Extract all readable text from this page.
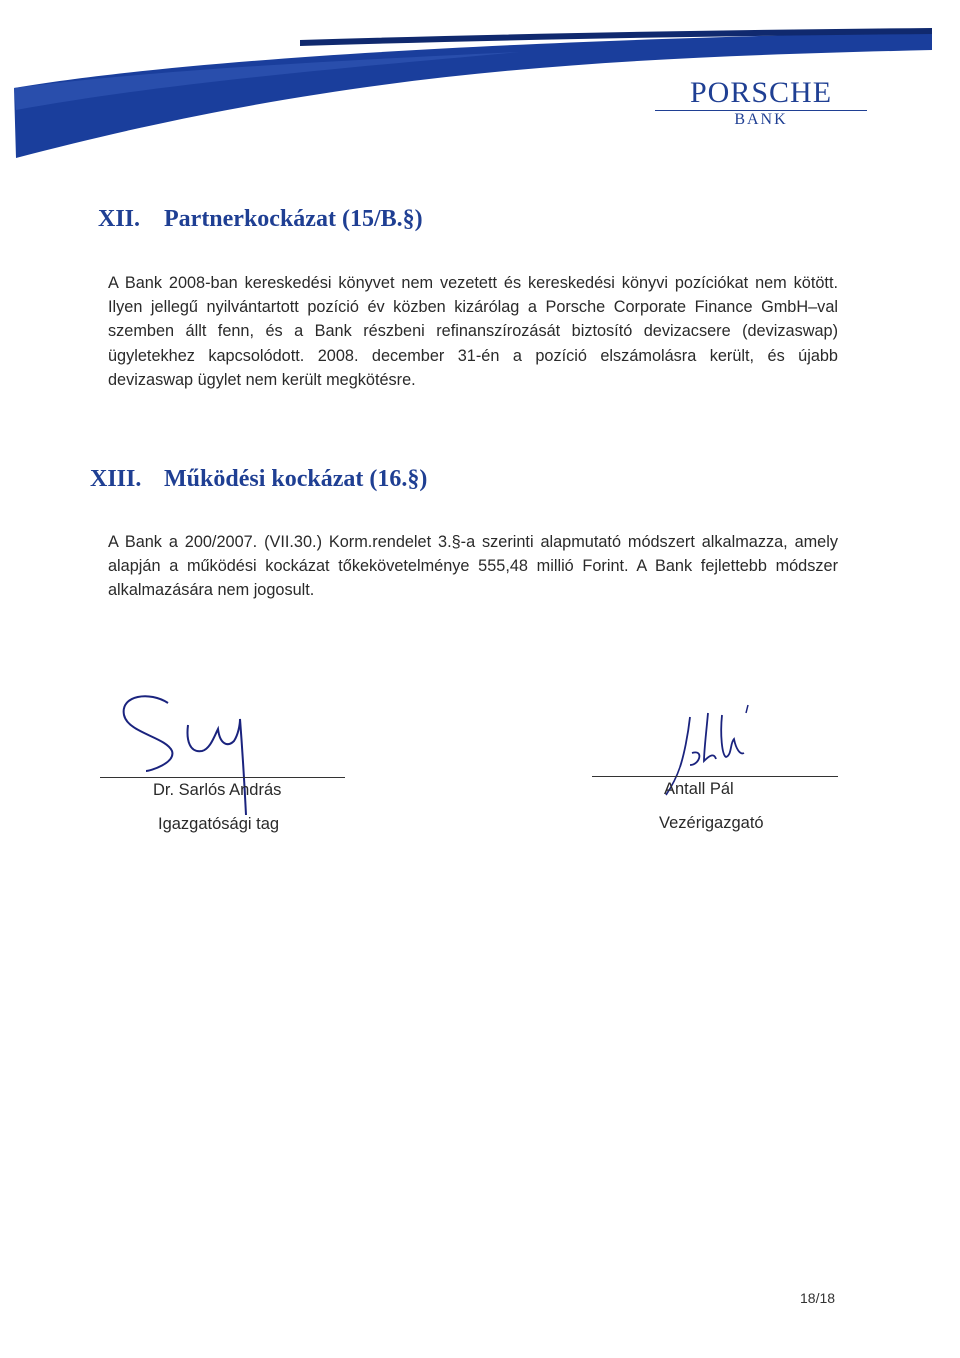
PORSCHE
BANK
XII. Partnerkockázat (15/B.§)

A Bank 2008-ban kereskedési könyvet nem vezetett és kereskedési könyvi pozíciókat nem kötött. Ilyen jellegű nyilvántartott pozíció év közben kizárólag a Porsche Corporate Finance GmbH–val szemben állt fenn, és a Bank részbeni refinanszírozását biztosító devizacsere (devizaswap) ügyletekhez kapcsolódott. 2008. december 31-én a pozíció elszámolásra került, és újabb devizaswap ügylet nem került megkötésre.

XIII. Működési kockázat (16.§)

A Bank a 200/2007. (VII.30.) Korm.rendelet 3.§-a szerinti alapmutató módszert alkalmazza, amely alapján a működési kockázat tőkekövetelménye 555,48 millió Forint. A Bank fejlettebb módszer alkalmazására nem jogosult.

Dr. Sarlós András
Igazgatósági tag
Antall Pál
Vezérigazgató
18/18
